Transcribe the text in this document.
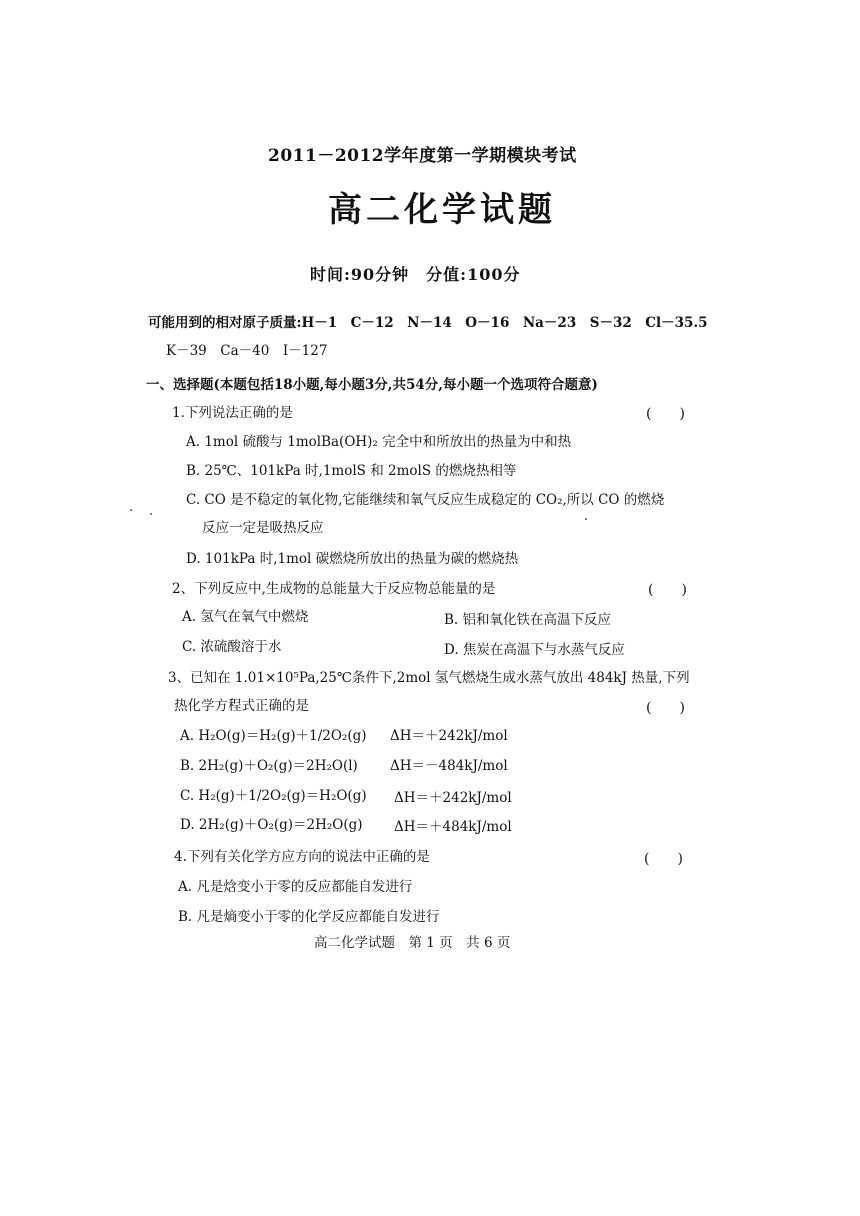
2011－2012学年度第一学期模块考试
高二化学试题
时间:90分钟　分值:100分
可能用到的相对原子质量:H－1　C－12　N－14　O－16　Na－23　S－32　Cl－35.5
K－39　Ca－40　I－127
一、选择题(本题包括18小题,每小题3分,共54分,每小题一个选项符合题意)
1.下列说法正确的是	(　　)
A. 1mol 硫酸与 1molBa(OH)₂ 完全中和所放出的热量为中和热
B. 25℃、101kPa 时,1molS 和 2molS 的燃烧热相等
C. CO 是不稳定的氧化物,它能继续和氧气反应生成稳定的 CO₂,所以 CO 的燃烧
反应一定是吸热反应
D. 101kPa 时,1mol 碳燃烧所放出的热量为碳的燃烧热
2、下列反应中,生成物的总能量大于反应物总能量的是	(　　)
A. 氢气在氧气中燃烧	B. 铝和氧化铁在高温下反应
C. 浓硫酸溶于水	D. 焦炭在高温下与水蒸气反应
3、已知在 1.01×10⁵Pa,25℃条件下,2mol 氢气燃烧生成水蒸气放出 484kJ 热量,下列
热化学方程式正确的是	(　　)
A. H₂O(g)＝H₂(g)＋1/2O₂(g) ΔH＝＋242kJ/mol
B. 2H₂(g)＋O₂(g)＝2H₂O(l) ΔH＝－484kJ/mol
C. H₂(g)＋1/2O₂(g)＝H₂O(g) ΔH＝＋242kJ/mol
D. 2H₂(g)＋O₂(g)＝2H₂O(g) ΔH＝＋484kJ/mol
4.下列有关化学方应方向的说法中正确的是	(　　)
A. 凡是焓变小于零的反应都能自发进行
B. 凡是熵变小于零的化学反应都能自发进行
高二化学试题　第 1 页　共 6 页
